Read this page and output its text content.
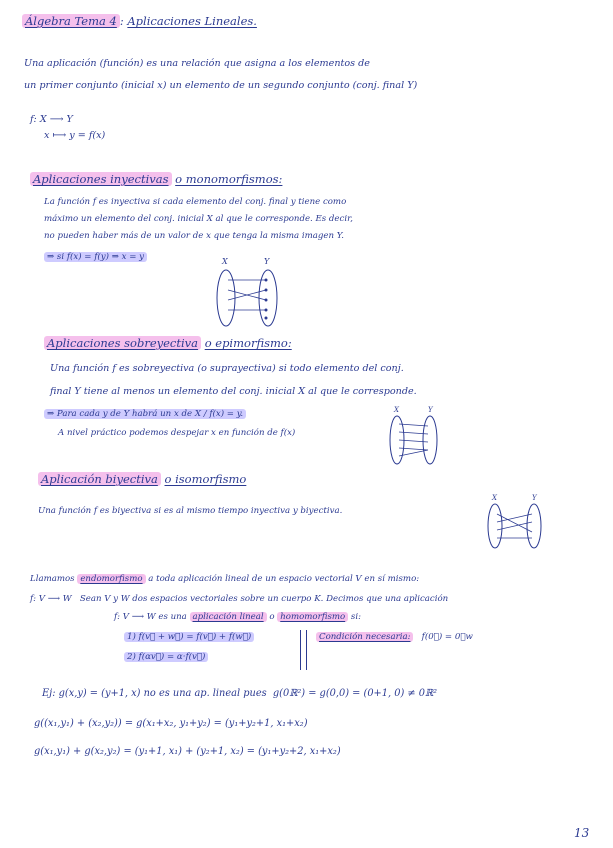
Álgebra Tema 4 : Aplicaciones Lineales.
Una aplicación (función) es una relación que asigna a los elementos de
un primer conjunto (inicial x) un elemento de un segundo conjunto (conj. final Y)
f: X ⟶ Y
x ⟼ y = f(x)
Aplicaciones inyectivas o monomorfismos:
La función f es inyectiva si cada elemento del conj. final y tiene como
máximo un elemento del conj. inicial X al que le corresponde. Es decir,
no pueden haber más de un valor de x que tenga la misma imagen Y.
⇒ si f(x) = f(y) ⇒ x = y	X	Y
Aplicaciones sobreyectiva o epimorfismo:
Una función f es sobreyectiva (o suprayectiva) si todo elemento del conj.
final Y tiene al menos un elemento del conj. inicial X al que le corresponde.
⇒ Para cada y de Y habrá un x de X / f(x) = y.
A nivel práctico podemos despejar x en función de f(x)
X	Y
Aplicación biyectiva o isomorfismo
Una función f es biyectiva si es al mismo tiempo inyectiva y biyectiva.
X	Y
Llamamos endomorfismo a toda aplicación lineal de un espacio vectorial V en sí mismo:
f: V ⟶ W Sean V y W dos espacios vectoriales sobre un cuerpo K. Decimos que una aplicación
f: V ⟶ W es una aplicación lineal o homomorfismo si:
1) f(v⃗ + w⃗) = f(v⃗) + f(w⃗)
2) f(αv⃗) = α·f(v⃗)
Condición necesaria: f(0⃗) = 0⃗w
Ej: g(x,y) = (y+1, x) no es una ap. lineal pues g(0ℝ²) = g(0,0) = (0+1, 0) ≠ 0ℝ²
g((x₁,y₁) + (x₂,y₂)) = g(x₁+x₂, y₁+y₂) = (y₁+y₂+1, x₁+x₂)
g(x₁,y₁) + g(x₂,y₂) = (y₁+1, x₁) + (y₂+1, x₂) = (y₁+y₂+2, x₁+x₂)
13
